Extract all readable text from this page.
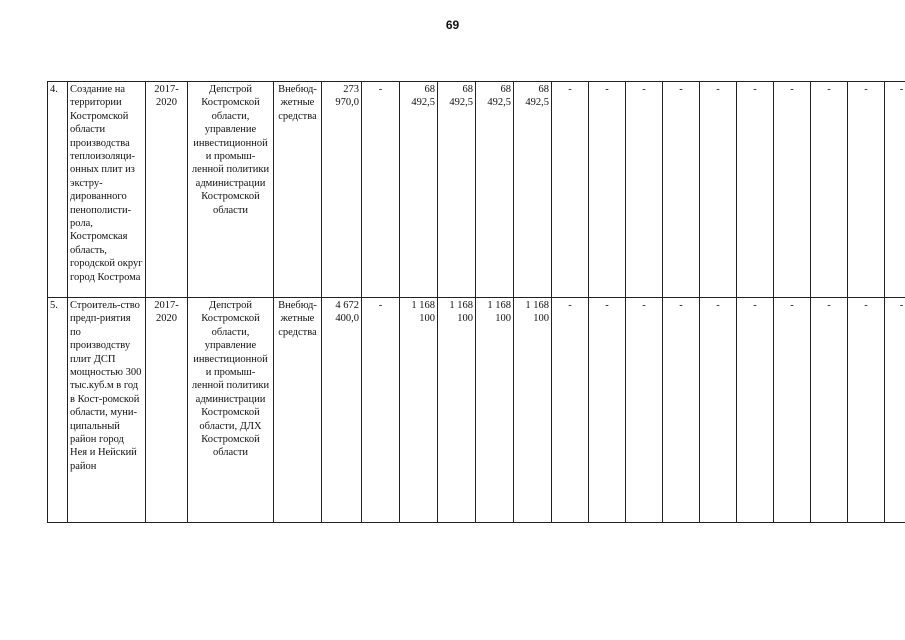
69
4.	Создание на территории Костромской области производства теплоизоляци-онных плит из экстру-дированного пенополисти-рола, Костромская область, городской округ город Кострома	2017-2020	Депстрой Костромской области, управление инвестиционной и промыш-ленной политики администрации Костромской области	Внебюд-жетные средства	273 970,0	-	68 492,5	68 492,5	68 492,5	68 492,5	-	-	-	-	-	-	-	-	-	-
5.	Строитель-ство предп-риятия по производству плит ДСП мощностью 300 тыс.куб.м в год в Кост-ромской области, муни-ципальный район город Нея и Нейский район	2017-2020	Депстрой Костромской области, управление инвестиционной и промыш-ленной политики администрации Костромской области, ДЛХ Костромской области	Внебюд-жетные средства	4 672 400,0	-	1 168 100	1 168 100	1 168 100	1 168 100	-	-	-	-	-	-	-	-	-	-
